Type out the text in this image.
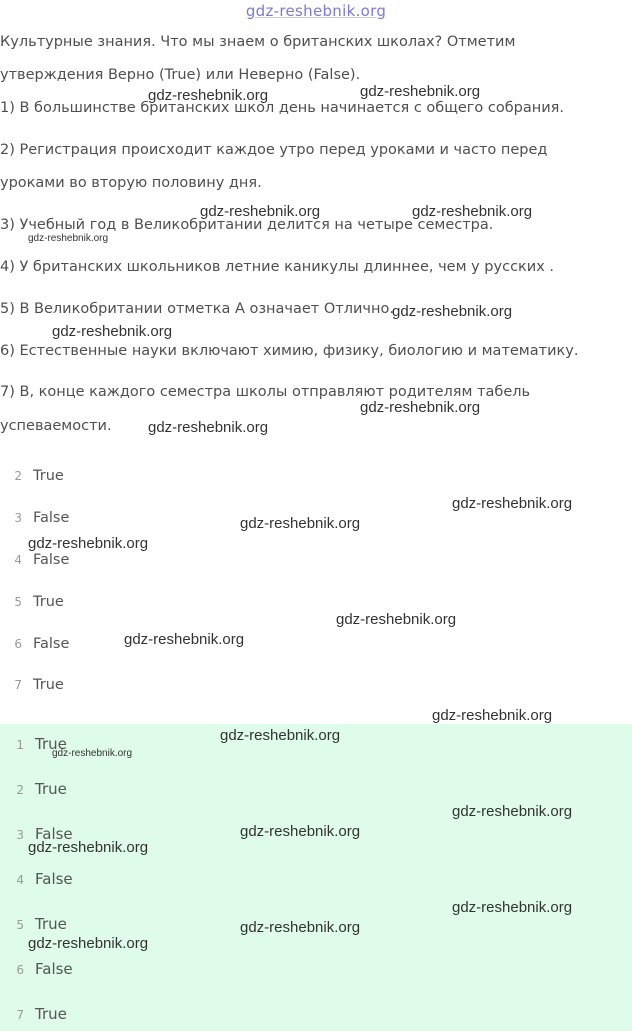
gdz-reshebnik.org
Культурные знания. Что мы знаем о британских школах? Отметим
утверждения Верно (True) или Неверно (False).
1) В большинстве британских школ день начинается с общего собрания.
2) Регистрация происходит каждое утро перед уроками и часто перед
уроками во вторую половину дня.
3) Учебный год в Великобритании делится на четыре семестра.
4) У британских школьников летние каникулы длиннее, чем у русских .
5) В Великобритании отметка А означает Отлично.
6) Естественные науки включают химию, физику, биологию и математику.
7) В, конце каждого семестра школы отправляют родителям табель
успеваемости.
2 True
3 False
4 False
5 True
6 False
7 True
1 True
2 True
3 False
4 False
5 True
6 False
7 True
gdz-reshebnik.org	gdz-reshebnik.org
gdz-reshebnik.org	gdz-reshebnik.org
gdz-reshebnik.org
gdz-reshebnik.org
gdz-reshebnik.org
gdz-reshebnik.org
gdz-reshebnik.org
gdz-reshebnik.org
gdz-reshebnik.org
gdz-reshebnik.org
gdz-reshebnik.org
gdz-reshebnik.org
gdz-reshebnik.org
gdz-reshebnik.org
gdz-reshebnik.org
gdz-reshebnik.org
gdz-reshebnik.org
gdz-reshebnik.org
gdz-reshebnik.org
gdz-reshebnik.org
gdz-reshebnik.org
